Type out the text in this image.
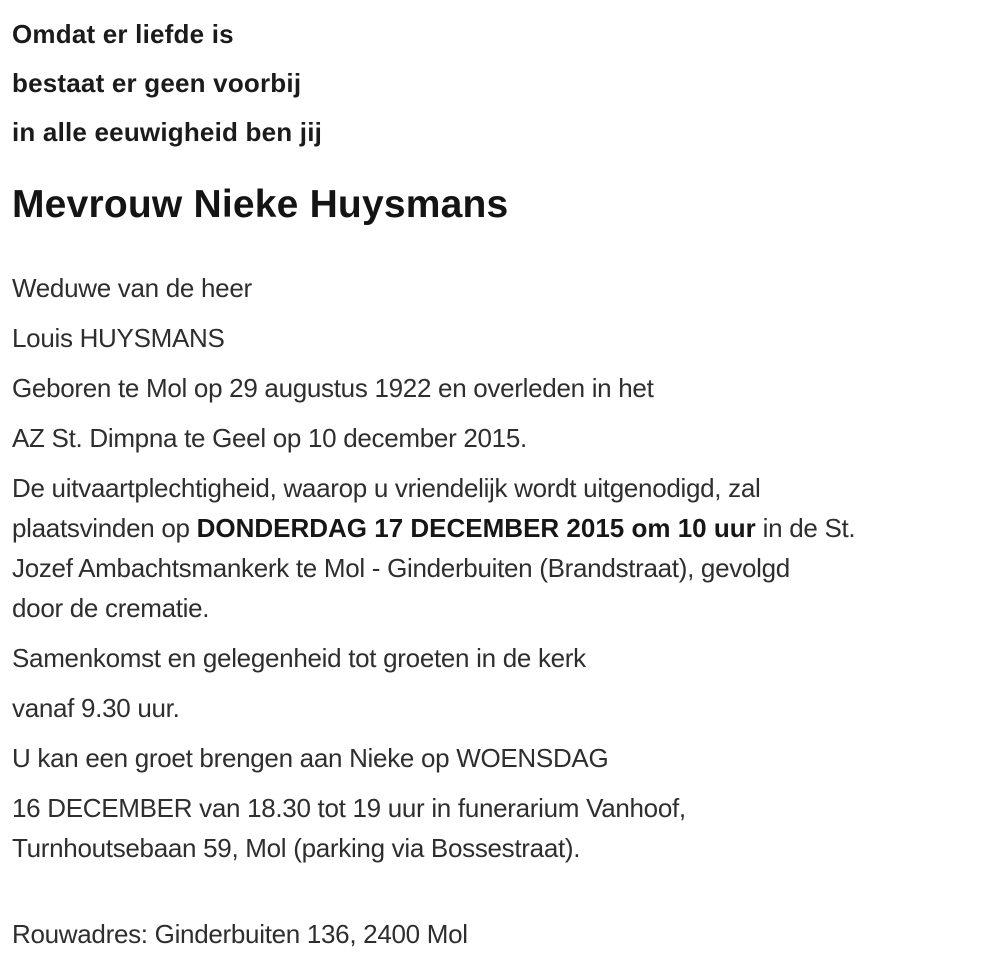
Omdat er liefde is

bestaat er geen voorbij

in alle eeuwigheid ben jij

Mevrouw Nieke Huysmans

Weduwe van de heer

Louis HUYSMANS

Geboren te Mol op 29 augustus 1922 en overleden in het

AZ St. Dimpna te Geel op 10 december 2015.

De uitvaartplechtigheid, waarop u vriendelijk wordt uitgenodigd, zal

plaatsvinden op DONDERDAG 17 DECEMBER 2015 om 10 uur in de St.

Jozef Ambachtsmankerk te Mol - Ginderbuiten (Brandstraat), gevolgd

door de crematie.

Samenkomst en gelegenheid tot groeten in de kerk

vanaf 9.30 uur.

U kan een groet brengen aan Nieke op WOENSDAG

16 DECEMBER van 18.30 tot 19 uur in funerarium Vanhoof,

Turnhoutsebaan 59, Mol (parking via Bossestraat).

Rouwadres: Ginderbuiten 136, 2400 Mol
